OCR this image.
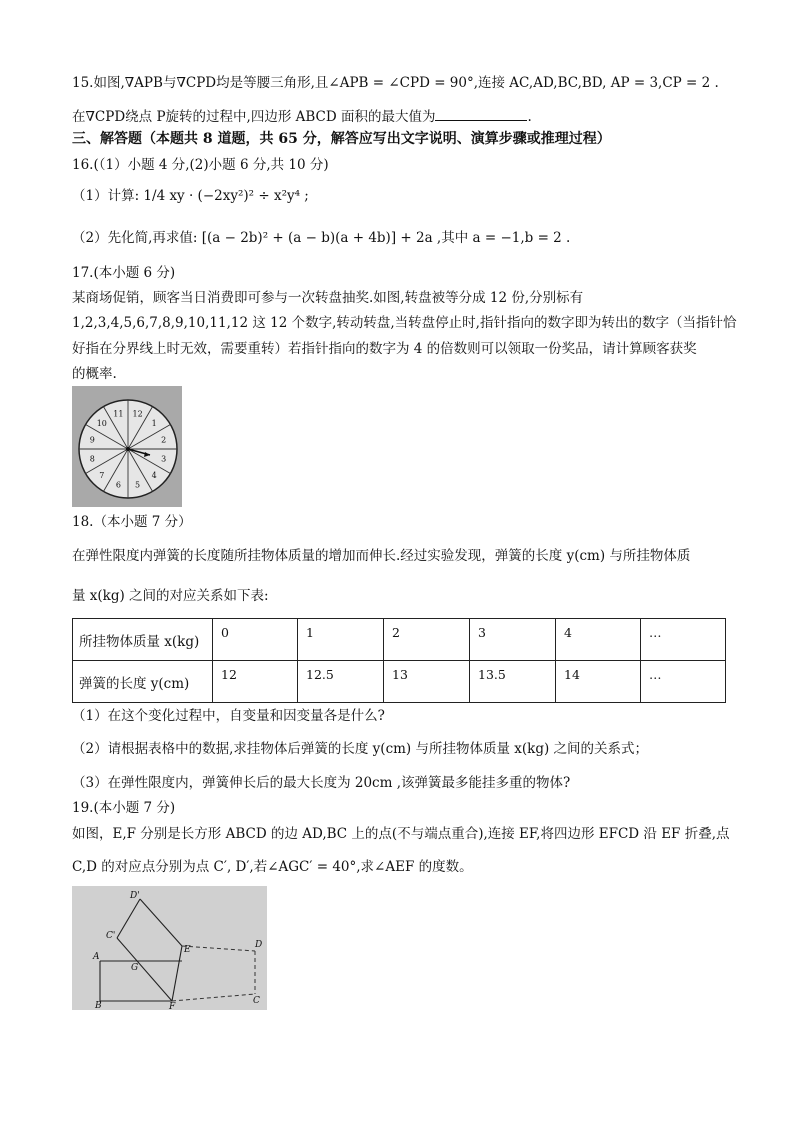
15.如图,∇APB与∇CPD均是等腰三角形,且∠APB = ∠CPD = 90°,连接 AC,AD,BC,BD, AP = 3,CP = 2 .
在∇CPD绕点 P旋转的过程中,四边形 ABCD 面积的最大值为	.
三、解答题（本题共 8 道题，共 65 分，解答应写出文字说明、演算步骤或推理过程）
16.(（1）小题 4 分,(2)小题 6 分,共 10 分)
（1）计算: 1/4 xy · (−2xy²)² ÷ x²y⁴ ;
（2）先化简,再求值: [(a − 2b)² + (a − b)(a + 4b)] + 2a ,其中 a = −1,b = 2 .
17.(本小题 6 分)
某商场促销，顾客当日消费即可参与一次转盘抽奖.如图,转盘被等分成 12 份,分别标有
1,2,3,4,5,6,7,8,9,10,11,12 这 12 个数字,转动转盘,当转盘停止时,指针指向的数字即为转出的数字（当指针恰
好指在分界线上时无效，需要重转）若指针指向的数字为 4 的倍数则可以领取一份奖品，请计算顾客获奖
的概率.
12
1
2
3
4
5
6
7
8
9
10
11
18.（本小题 7 分）
在弹性限度内弹簧的长度随所挂物体质量的增加而伸长.经过实验发现，弹簧的长度 y(cm) 与所挂物体质
量 x(kg) 之间的对应关系如下表:
所挂物体质量 x(kg)	0	1	2	3	4	…

弹簧的长度 y(cm)	12	12.5	13	13.5	14	…
（1）在这个变化过程中，自变量和因变量各是什么?
（2）请根据表格中的数据,求挂物体后弹簧的长度 y(cm) 与所挂物体质量 x(kg) 之间的关系式；
（3）在弹性限度内，弹簧伸长后的最大长度为 20cm ,该弹簧最多能挂多重的物体?
19.(本小题 7 分)
如图，E,F 分别是长方形 ABCD 的边 AD,BC 上的点(不与端点重合),连接 EF,将四边形 EFCD 沿 EF 折叠,点
C,D 的对应点分别为点 C′, D′,若∠AGC′ = 40°,求∠AEF 的度数。
D'
C'
E	D
A
G
B	F
C
